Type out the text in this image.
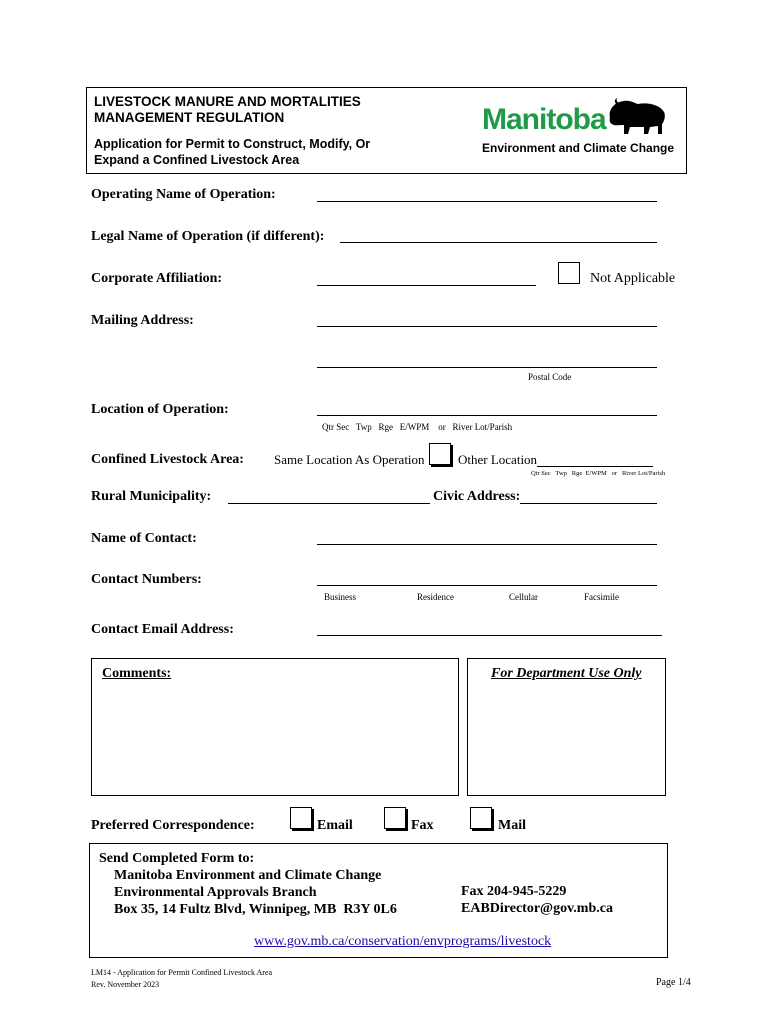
LIVESTOCK MANURE AND MORTALITIES
MANAGEMENT REGULATION
Application for Permit to Construct, Modify, Or
Expand a Confined Livestock Area
Manitoba
Environment and Climate Change
Operating Name of Operation:
Legal Name of Operation (if different):
Corporate Affiliation:	Not Applicable
Mailing Address:
Postal Code
Location of Operation:
Qtr Sec   Twp   Rge   E/WPM    or   River Lot/Parish
Confined Livestock Area: Same Location As Operation	Other Location
Qtr Sec   Twp   Rge  E/WPM   or   River Lot/Parish
Rural Municipality:	Civic Address:
Name of Contact:
Contact Numbers:
Business	Residence	Cellular	Facsimile
Contact Email Address:
Comments:	For Department Use Only
Preferred Correspondence:	Email	Fax	Mail
Send Completed Form to:
Manitoba Environment and Climate Change
Environmental Approvals Branch
Box 35, 14 Fultz Blvd, Winnipeg, MB  R3Y 0L6
Fax 204-945-5229
EABDirector@gov.mb.ca
www.gov.mb.ca/conservation/envprograms/livestock
LM14 - Application for Permit Confined Livestock Area
Rev. November 2023	Page 1/4
